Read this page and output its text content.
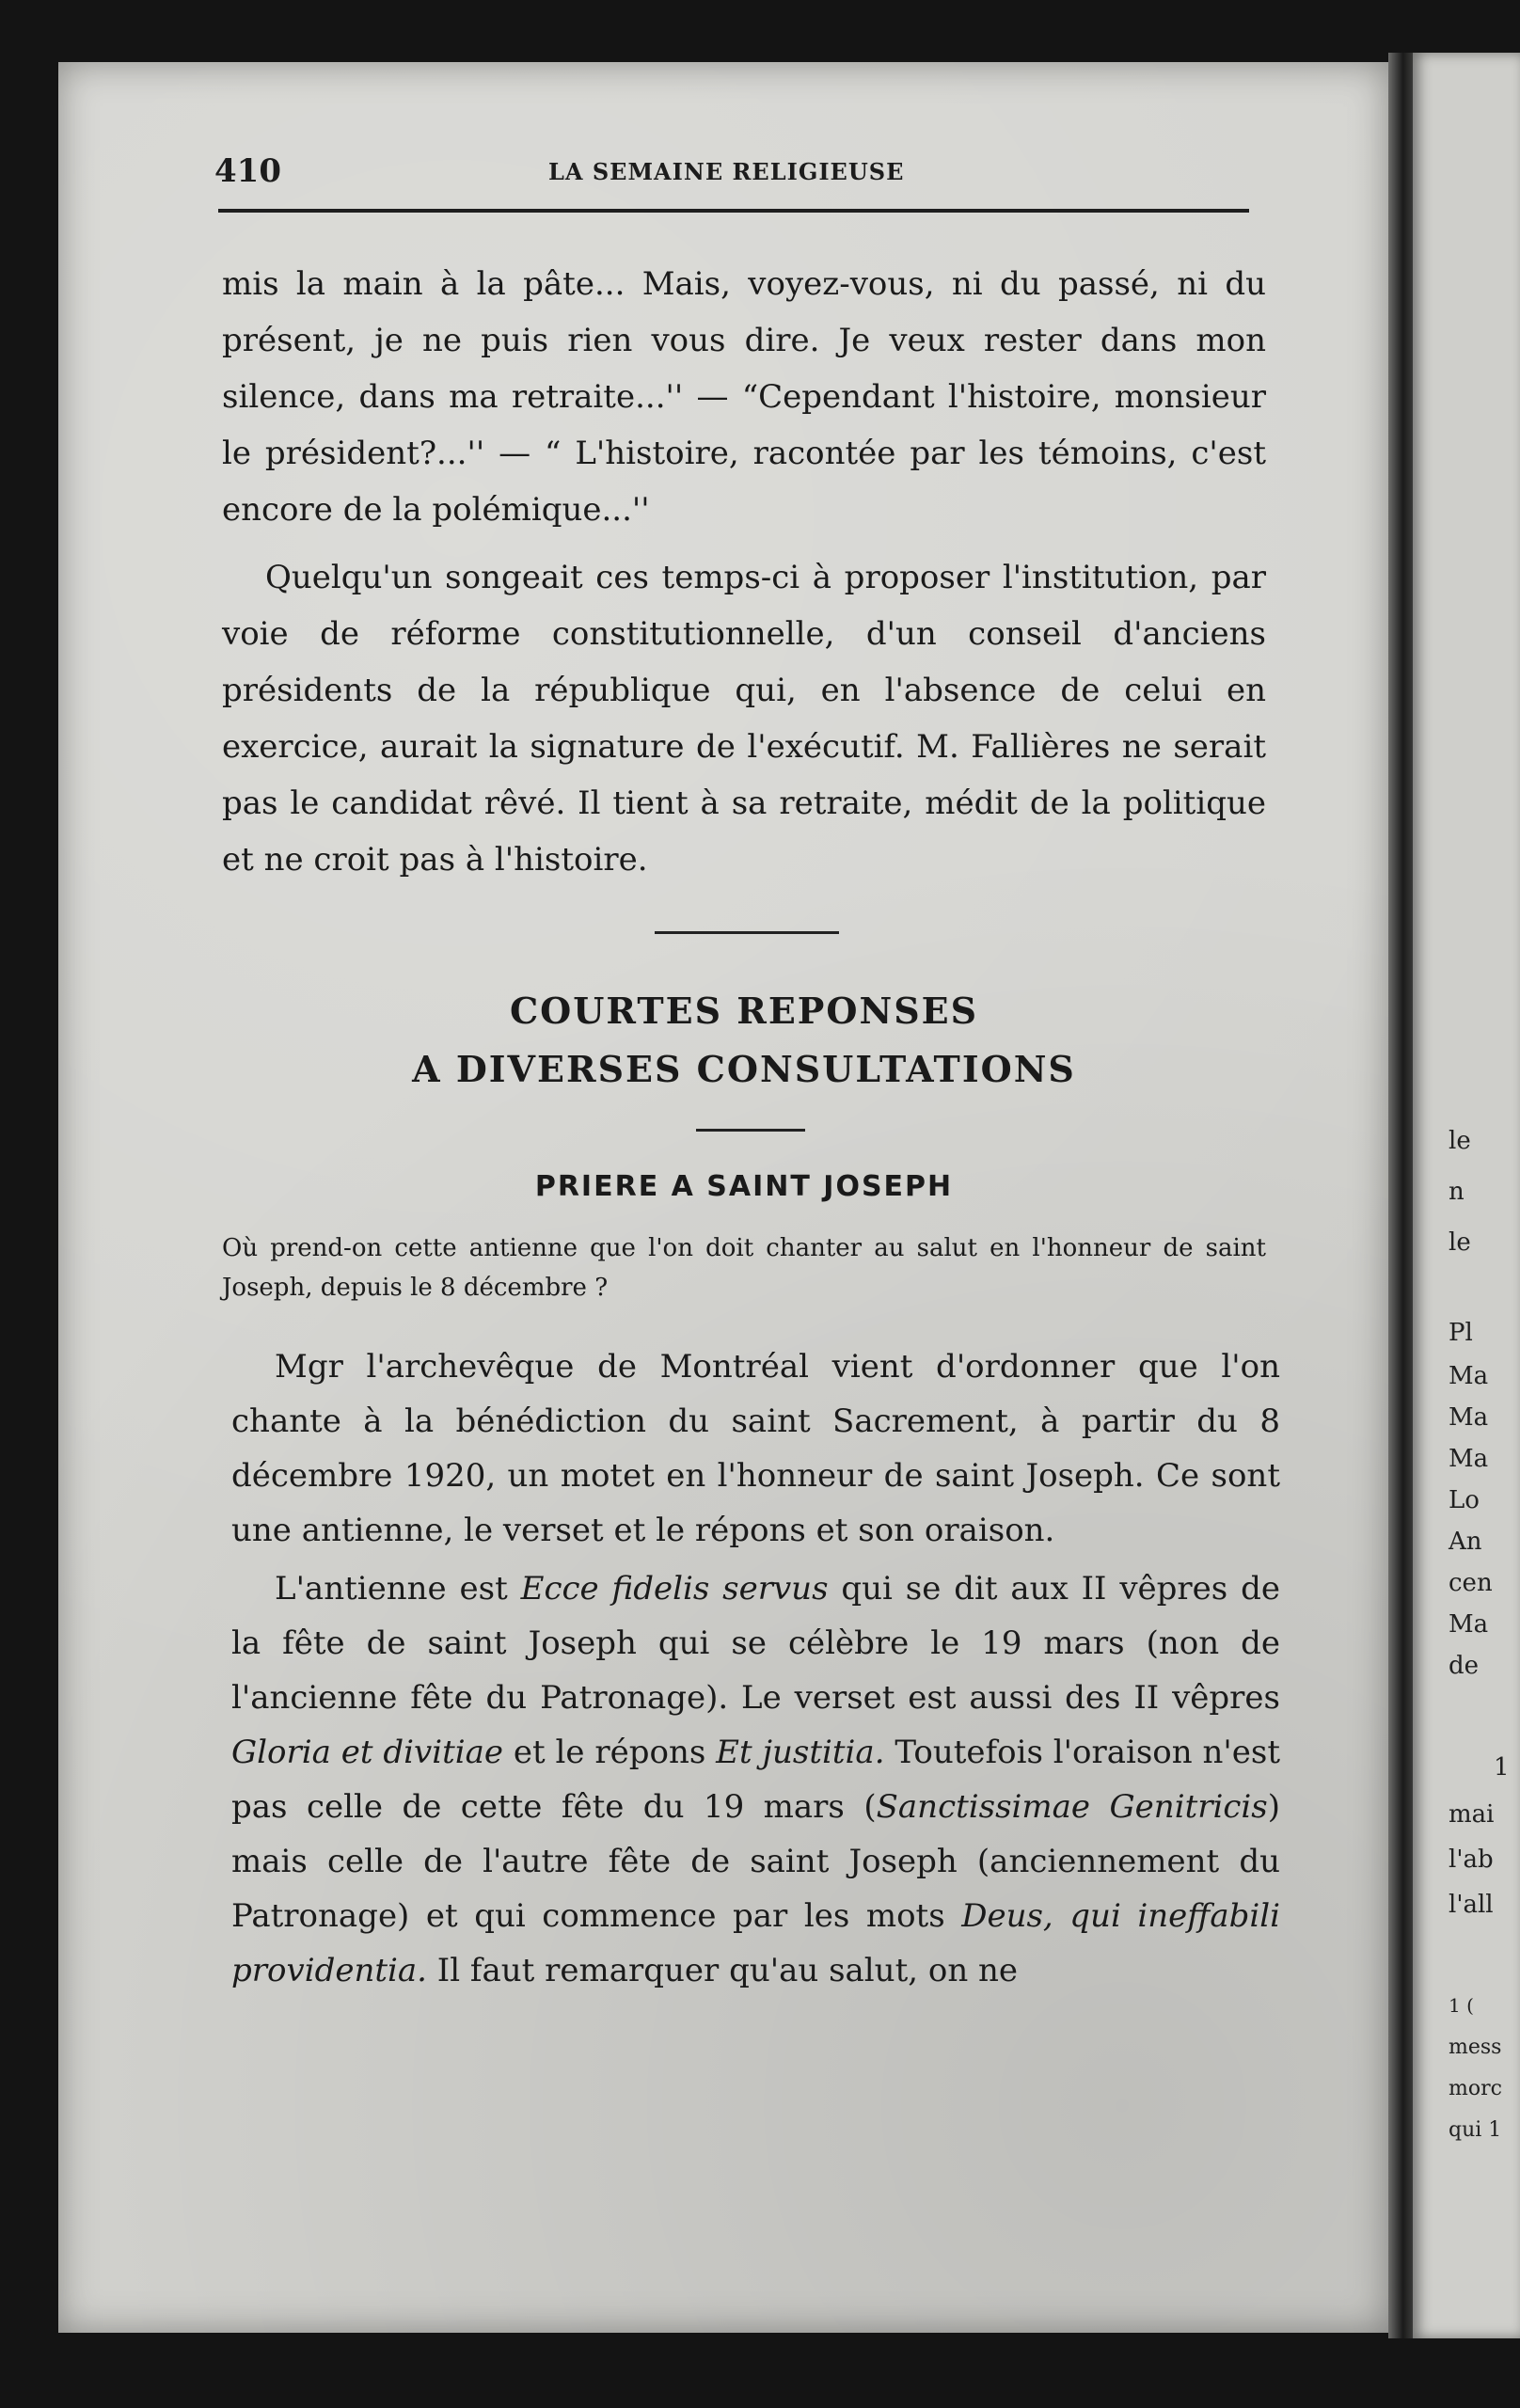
le
n
le
Pl
Ma
Ma
Ma
Lo
An
cen
Ma
de
1
mai
l'ab
l'all
1 (
mess
morc
qui 1
410	LA SEMAINE RELIGIEUSE

mis la main à la pâte... Mais, voyez-vous, ni du passé, ni du présent, je ne puis rien vous dire. Je veux rester dans mon silence, dans ma retraite...'' — “Cependant l'histoire, monsieur le président?...'' — “ L'histoire, racontée par les témoins, c'est encore de la polémique...''

Quelqu'un songeait ces temps-ci à proposer l'institution, par voie de réforme constitutionnelle, d'un conseil d'anciens présidents de la république qui, en l'absence de celui en exercice, aurait la signature de l'exécutif. M. Fallières ne serait pas le candidat rêvé. Il tient à sa retraite, médit de la politique et ne croit pas à l'histoire.

COURTES REPONSES
A DIVERSES CONSULTATIONS
PRIERE A SAINT JOSEPH
Où prend-on cette antienne que l'on doit chanter au salut en l'honneur de saint Joseph, depuis le 8 décembre ?

Mgr l'archevêque de Montréal vient d'ordonner que l'on chante à la bénédiction du saint Sacrement, à partir du 8 décembre 1920, un motet en l'honneur de saint Joseph. Ce sont une antienne, le verset et le répons et son oraison.

L'antienne est Ecce fidelis servus qui se dit aux II vêpres de la fête de saint Joseph qui se célèbre le 19 mars (non de l'ancienne fête du Patronage). Le verset est aussi des II vêpres Gloria et divitiae et le répons Et justitia. Toutefois l'oraison n'est pas celle de cette fête du 19 mars (Sanctissimae Genitricis) mais celle de l'autre fête de saint Joseph (anciennement du Patronage) et qui commence par les mots Deus, qui ineffabili providentia. Il faut remarquer qu'au salut, on ne
